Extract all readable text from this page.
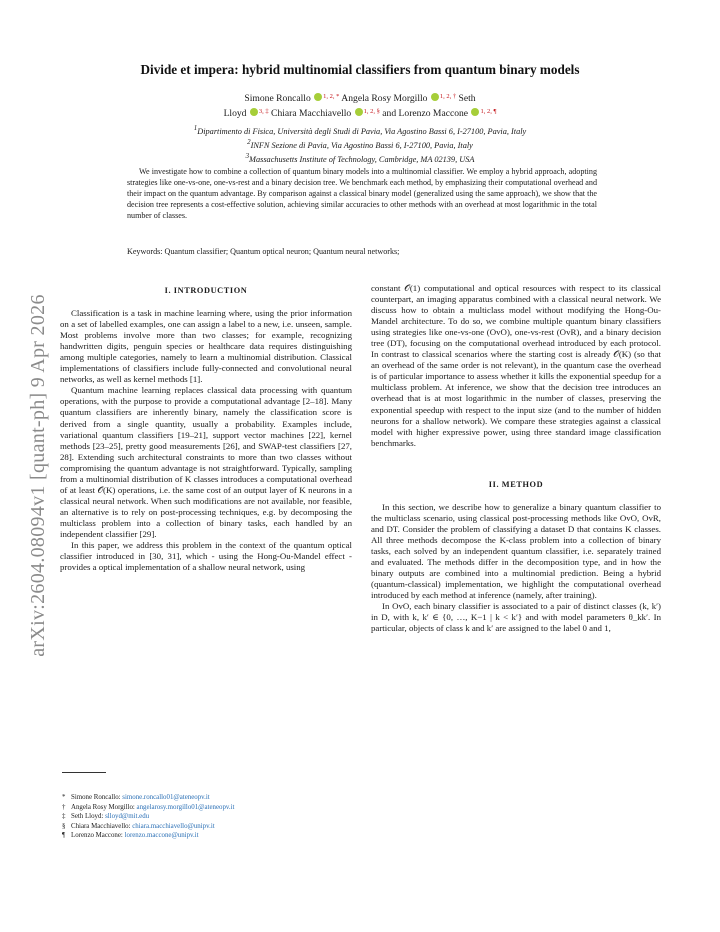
arXiv:2604.08094v1 [quant-ph] 9 Apr 2026
Divide et impera: hybrid multinomial classifiers from quantum binary models
Simone Roncallo $^{1, 2, *}$ Angela Rosy Morgillo $^{1, 2, \dagger}$ Seth
Lloyd $^{3, \ddagger}$ Chiara Macchiavello $^{1, 2, \S}$ and Lorenzo Maccone $^{1, 2, \P}$
$^1$Dipartimento di Fisica, Università degli Studi di Pavia, Via Agostino Bassi 6, I-27100, Pavia, Italy
$^2$INFN Sezione di Pavia, Via Agostino Bassi 6, I-27100, Pavia, Italy
$^3$Massachusetts Institute of Technology, Cambridge, MA 02139, USA

We investigate how to combine a collection of quantum binary models into a multinomial classifier. We employ a hybrid approach, adopting strategies like one-vs-one, one-vs-rest and a binary decision tree. We benchmark each method, by emphasizing their computational overhead and their impact on the quantum advantage. By comparison against a classical binary model (generalized using the same approach), we show that the decision tree represents a cost-effective solution, achieving similar accuracies to other methods with an overhead at most logarithmic in the total number of classes.

Keywords: Quantum classifier; Quantum optical neuron; Quantum neural networks;

I. INTRODUCTION

Classification is a task in machine learning where, using the prior information on a set of labelled examples, one can assign a label to a new, i.e. unseen, sample. Most problems involve more than two classes; for example, recognizing handwritten digits, penguin species or healthcare data requires distinguishing among multiple categories, namely to learn a multinomial distribution. Classical implementations of classifiers include fully-connected and convolutional neural networks, as well as kernel methods [1].

Quantum machine learning replaces classical data processing with quantum operations, with the purpose to provide a computational advantage [2–18]. Many quantum classifiers are inherently binary, namely the classification score is derived from a single quantity, usually a probability. Examples include, variational quantum classifiers [19–21], support vector machines [22], kernel methods [23–25], pretty good measurements [26], and SWAP-test classifiers [27, 28]. Extending such architectural constraints to more than two classes without compromising the quantum advantage is not straightforward. Typically, sampling from a multinomial distribution of K classes introduces a computational overhead of at least 𝒪(K) operations, i.e. the same cost of an output layer of K neurons in a classical neural network. When such modifications are not available, nor feasible, an alternative is to rely on post-processing techniques, e.g. by decomposing the multiclass problem into a collection of binary tasks, each handled by an independent classifier [29].

In this paper, we address this problem in the context of the quantum optical classifier introduced in [30, 31], which - using the Hong-Ou-Mandel effect - provides a optical implementation of a shallow neural network, using

constant 𝒪(1) computational and optical resources with respect to its classical counterpart, an imaging apparatus combined with a classical neural network. We discuss how to obtain a multiclass model without modifying the Hong-Ou-Mandel architecture. To do so, we combine multiple quantum binary classifiers using strategies like one-vs-one (OvO), one-vs-rest (OvR), and a binary decision tree (DT), focusing on the computational overhead introduced by each protocol. In contrast to classical scenarios where the starting cost is already 𝒪(K) (so that an overhead of the same order is not relevant), in the quantum case the overhead is of particular importance to assess whether it kills the exponential speedup for a multiclass problem. At inference, we show that the decision tree introduces an overhead that is at most logarithmic in the number of classes, preserving the exponential speedup with respect to the input size (and to the number of hidden neurons for a shallow network). We compare these strategies against a classical model with higher expressive power, using three standard image classification benchmarks.

II. METHOD

In this section, we describe how to generalize a binary quantum classifier to the multiclass scenario, using classical post-processing methods like OvO, OvR, and DT. Consider the problem of classifying a dataset D that contains K classes. All three methods decompose the K-class problem into a collection of binary tasks, each solved by an independent quantum classifier, i.e. separately trained and evaluated. The methods differ in the decomposition type, and in how the binary outputs are combined into a multinomial prediction. Being a hybrid (quantum-classical) implementation, we highlight the computational overhead introduced by each method at inference (namely, after training).

In OvO, each binary classifier is associated to a pair of distinct classes (k, k′) in D, with k, k′ ∈ {0, …, K−1 | k < k′} and with model parameters θ_kk′. In particular, objects of class k and k′ are assigned to the label 0 and 1,

* Simone Roncallo: simone.roncallo01@ateneopv.it
† Angela Rosy Morgillo: angelarosy.morgillo01@ateneopv.it
‡ Seth Lloyd: slloyd@mit.edu
§ Chiara Macchiavello: chiara.macchiavello@unipv.it
¶ Lorenzo Maccone: lorenzo.maccone@unipv.it
